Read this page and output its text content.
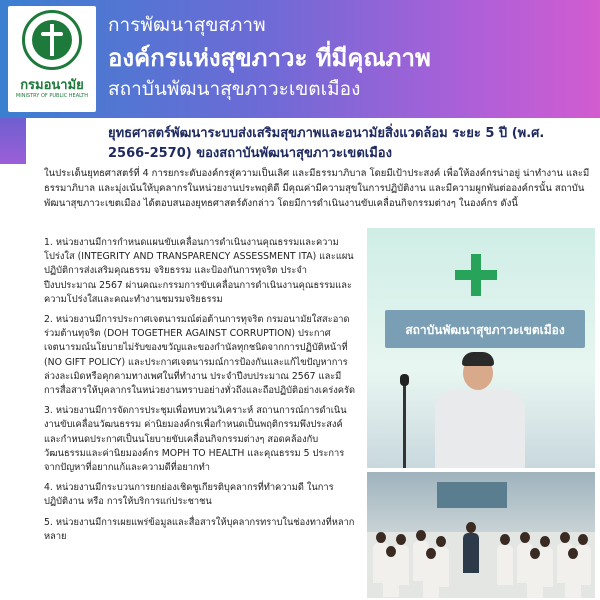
กรมอนามัย
MINISTRY OF PUBLIC HEALTH
การพัฒนาสุขสภาพ
องค์กรแห่งสุขภาวะ ที่มีคุณภาพ
สถาบันพัฒนาสุขภาวะเขตเมือง
ยุทธศาสตร์พัฒนาระบบส่งเสริมสุขภาพและอนามัยสิ่งแวดล้อม ระยะ 5 ปี (พ.ศ. 2566-2570) ของสถาบันพัฒนาสุขภาวะเขตเมือง
ในประเด็นยุทธศาสตร์ที่ 4 การยกระดับองค์กรสู่ความเป็นเลิศ และมีธรรมาภิบาล โดยมีเป้าประสงค์ เพื่อให้องค์กรน่าอยู่ น่าทำงาน และมีธรรมาภิบาล และมุ่งเน้นให้บุคลากรในหน่วยงานประพฤติดี มีคุณค่ามีความสุขในการปฏิบัติงาน และมีความผูกพันต่อองค์กรนั้น สถาบันพัฒนาสุขภาวะเขตเมือง ได้ตอบสนองยุทธศาสตร์ดังกล่าว โดยมีการดำเนินงานขับเคลื่อนกิจกรรมต่างๆ ในองค์กร ดังนี้
1. หน่วยงานมีการกำหนดแผนขับเคลื่อนการดำเนินงานคุณธรรมและความโปร่งใส (INTEGRITY AND TRANSPARENCY ASSESSMENT ITA) และแผนปฏิบัติการส่งเสริมคุณธรรม จริยธรรม และป้องกันการทุจริต ประจำปีงบประมาณ 2567 ผ่านคณะกรรมการขับเคลื่อนการดำเนินงานคุณธรรมและความโปร่งใสและคณะทำงานชมรมจริยธรรม
2. หน่วยงานมีการประกาศเจตนารมณ์ต่อต้านการทุจริต กรมอนามัยใสสะอาด ร่วมต้านทุจริต (DOH TOGETHER AGAINST CORRUPTION) ประกาศเจตนารมณ์นโยบายไม่รับของขวัญและของกำนัลทุกชนิดจากการปฏิบัติหน้าที่ (NO GIFT POLICY) และประกาศเจตนารมณ์การป้องกันและแก้ไขปัญหาการล่วงละเมิดหรือคุกคามทางเพศในที่ทำงาน ประจำปีงบประมาณ 2567 และมีการสื่อสารให้บุคลากรในหน่วยงานทราบอย่างทั่วถึงและถือปฏิบัติอย่างเคร่งครัด
3. หน่วยงานมีการจัดการประชุมเพื่อทบทวนวิเคราะห์ สถานการณ์การดำเนินงานขับเคลื่อนวัฒนธรรม ค่านิยมองค์กรเพื่อกำหนดเป็นพฤติกรรมพึงประสงค์ และกำหนดประกาศเป็นนโยบายขับเคลื่อนกิจกรรมต่างๆ สอดคล้องกับวัฒนธรรมและค่านิยมองค์กร MOPH TO HEALTH และคุณธรรม 5 ประการจากปัญหาที่อยากแก้และความดีที่อยากทำ
4. หน่วยงานมีกระบวนการยกย่องเชิดชูเกียรติบุคลากรที่ทำความดี ในการปฏิบัติงาน หรือ การให้บริการแก่ประชาชน
5. หน่วยงานมีการเผยแพร่ข้อมูลและสื่อสารให้บุคลากรทราบในช่องทางที่หลากหลาย
สถาบันพัฒนาสุขภาวะเขตเมือง
